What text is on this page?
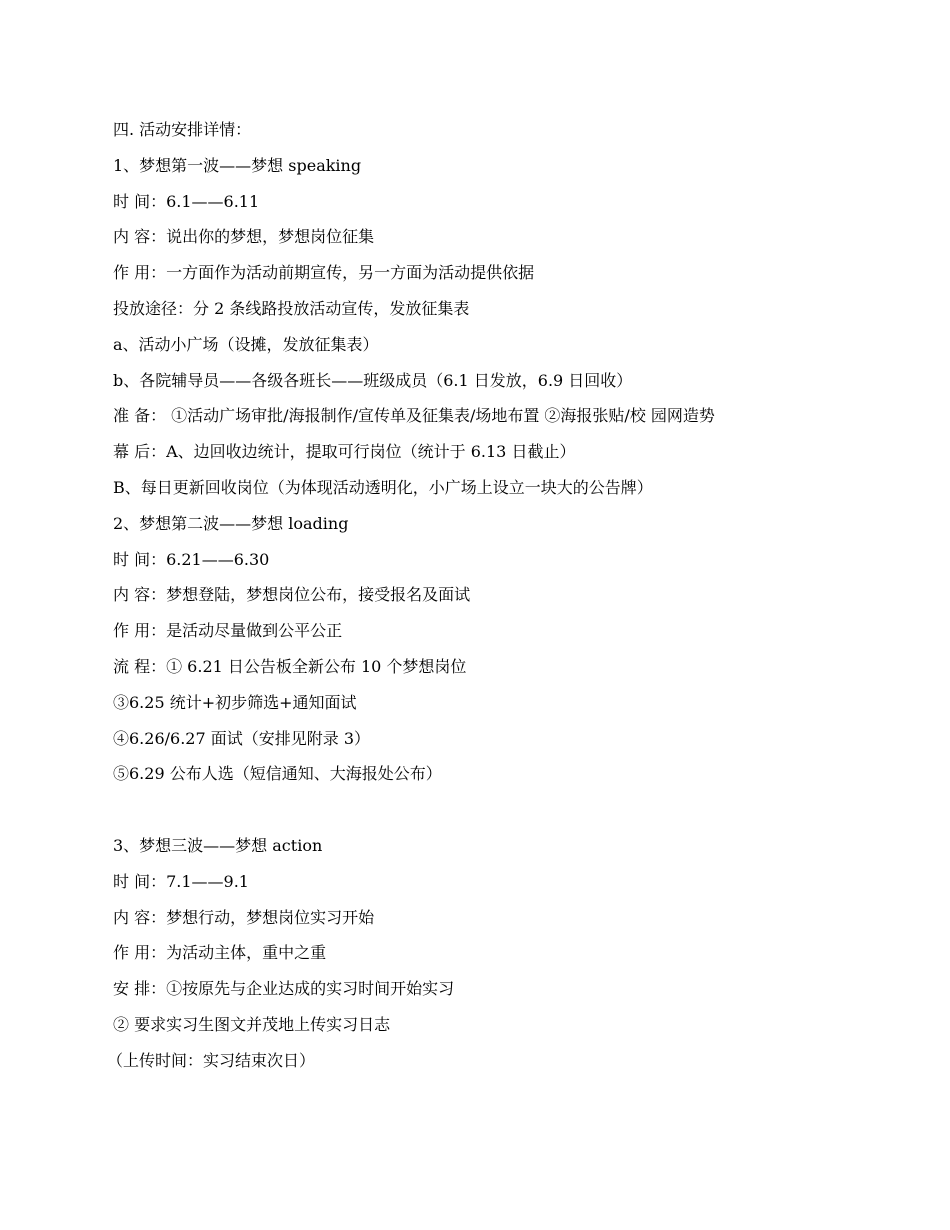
四. 活动安排详情：
1、梦想第一波——梦想 speaking
时 间：6.1——6.11
内 容：说出你的梦想，梦想岗位征集
作 用：一方面作为活动前期宣传，另一方面为活动提供依据
投放途径：分 2 条线路投放活动宣传，发放征集表
a、活动小广场（设摊，发放征集表）
b、各院辅导员——各级各班长——班级成员（6.1 日发放，6.9 日回收）
准 备： ①活动广场审批/海报制作/宣传单及征集表/场地布置 ②海报张贴/校 园网造势
幕 后：A、边回收边统计，提取可行岗位（统计于 6.13 日截止）
B、每日更新回收岗位（为体现活动透明化，小广场上设立一块大的公告牌）
2、梦想第二波——梦想 loading
时 间：6.21——6.30
内 容：梦想登陆，梦想岗位公布，接受报名及面试
作 用：是活动尽量做到公平公正
流 程：① 6.21 日公告板全新公布 10 个梦想岗位
③6.25 统计+初步筛选+通知面试
④6.26/6.27 面试（安排见附录 3）
⑤6.29 公布人选（短信通知、大海报处公布）
3、梦想三波——梦想 action
时 间：7.1——9.1
内 容：梦想行动，梦想岗位实习开始
作 用：为活动主体，重中之重
安 排：①按原先与企业达成的实习时间开始实习
② 要求实习生图文并茂地上传实习日志
（上传时间：实习结束次日）
